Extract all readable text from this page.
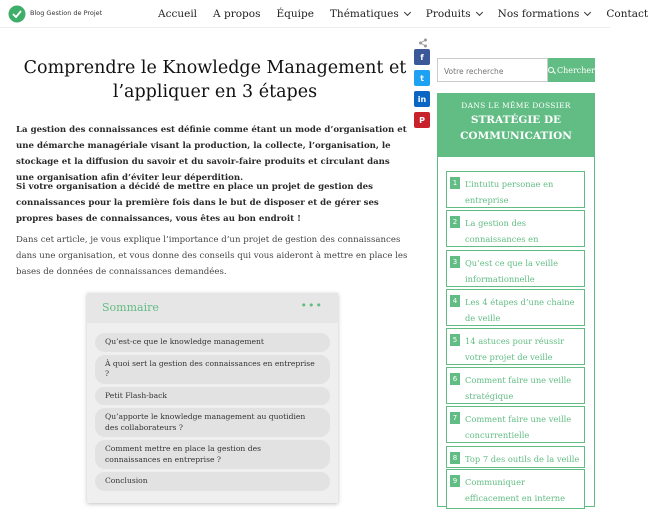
Blog Gestion de Projet	Accueil A propos Équipe Thématiques	Produits	Nos formations	Contact
f
t
in
P
Comprendre le Knowledge Management et
l’appliquer en 3 étapes

La gestion des connaissances est définie comme étant un mode d’organisation et une démarche managériale visant la production, la collecte, l’organisation, le stockage et la diffusion du savoir et du savoir-faire produits et circulant dans une organisation afin d’éviter leur déperdition.

Si votre organisation a décidé de mettre en place un projet de gestion des connaissances pour la première fois dans le but de disposer et de gérer ses propres bases de connaissances, vous êtes au bon endroit !

Dans cet article, je vous explique l’importance d’un projet de gestion des connaissances dans une organisation, et vous donne des conseils qui vous aideront à mettre en place les bases de données de connaissances demandées.

Sommaire	•••
Qu’est-ce que le knowledge management
À quoi sert la gestion des connaissances en entreprise ?
Petit Flash-back
Qu’apporte le knowledge management au quotidien des collaborateurs ?
Comment mettre en place la gestion des connaissances en entreprise ?
Conclusion
Votre recherche
Chercher
DANS LE MÊME DOSSIER
STRATÉGIE DE
COMMUNICATION
1 L’intuitu personae en entreprise
2 La gestion des connaissances en
3 Qu’est ce que la veille informationnelle
4 Les 4 étapes d’une chaine de veille
5 14 astuces pour réussir votre projet de veille
6 Comment faire une veille stratégique
7 Comment faire une veille concurrentielle
8 Top 7 des outils de la veille
9 Communiquer efficacement en interne
